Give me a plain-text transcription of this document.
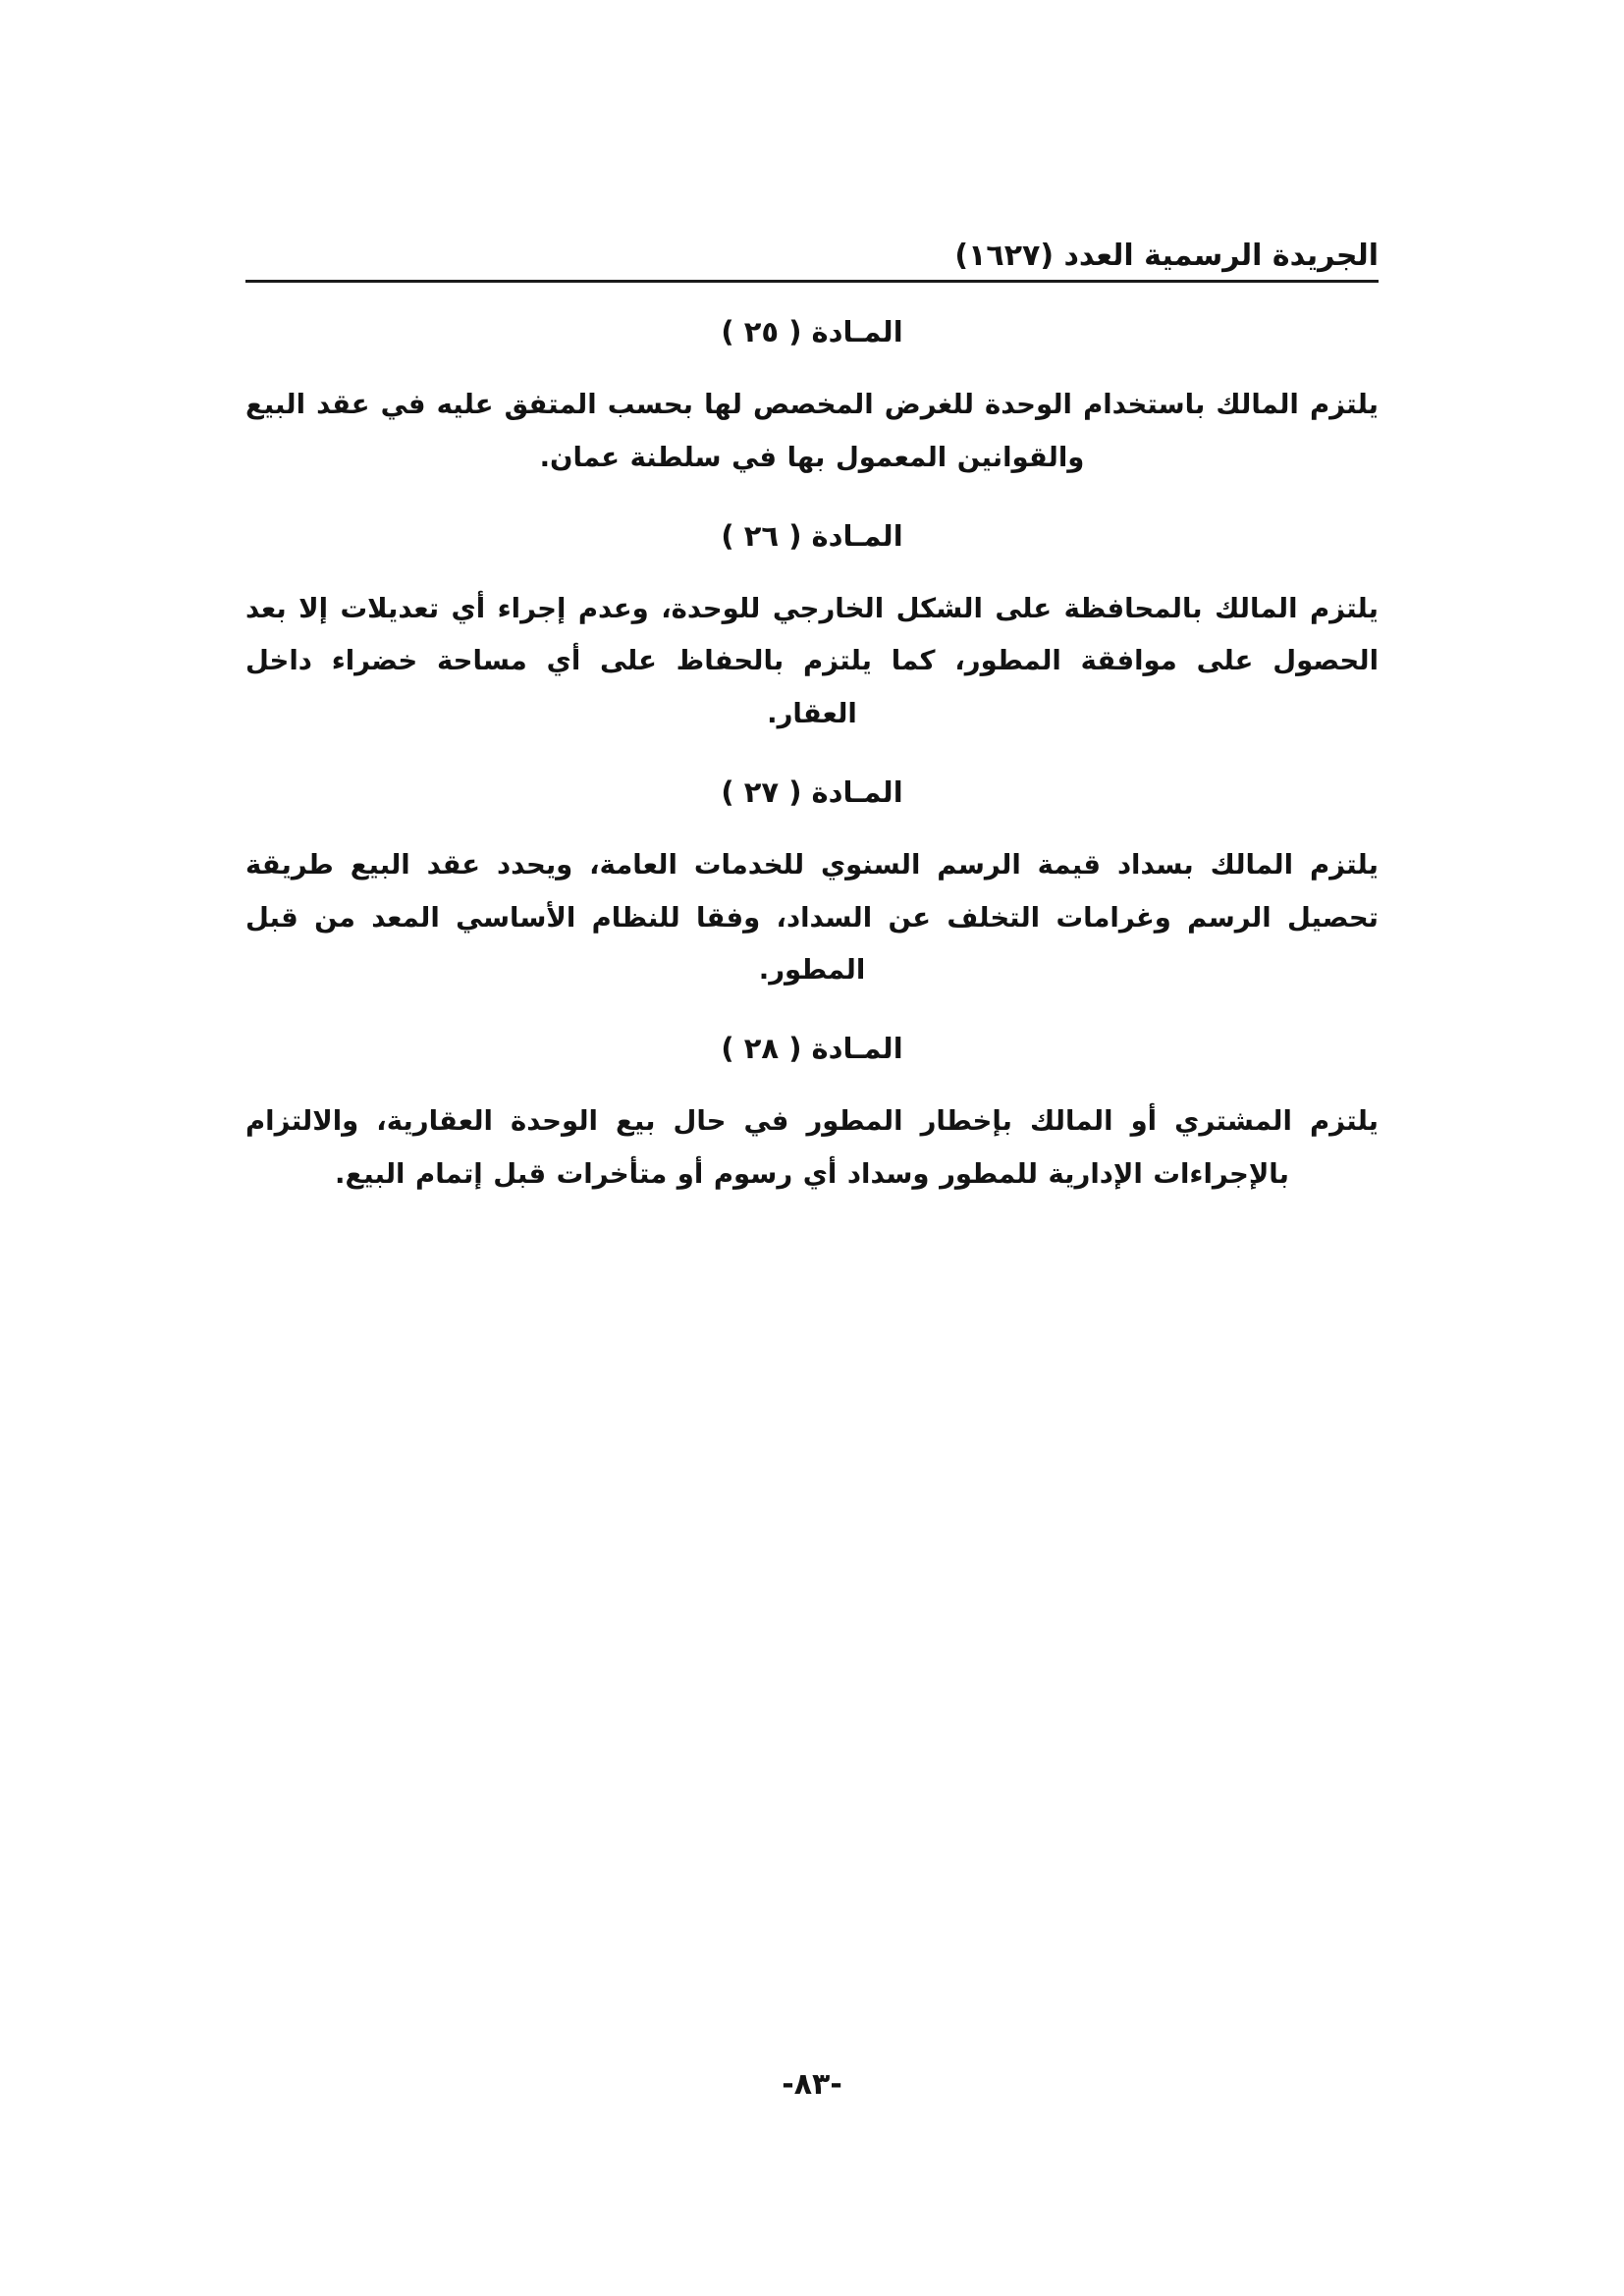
الجريدة الرسمية العدد (١٦٢٧)
المـادة ( ٢٥ )

يلتزم المالك باستخدام الوحدة للغرض المخصص لها بحسب المتفق عليه في عقد البيع والقوانين المعمول بها في سلطنة عمان.

المـادة ( ٢٦ )

يلتزم المالك بالمحافظة على الشكل الخارجي للوحدة، وعدم إجراء أي تعديلات إلا بعد الحصول على موافقة المطور، كما يلتزم بالحفاظ على أي مساحة خضراء داخل العقار.

المـادة ( ٢٧ )

يلتزم المالك بسداد قيمة الرسم السنوي للخدمات العامة، ويحدد عقد البيع طريقة تحصيل الرسم وغرامات التخلف عن السداد، وفقا للنظام الأساسي المعد من قبل المطور.

المـادة ( ٢٨ )

يلتزم المشتري أو المالك بإخطار المطور في حال بيع الوحدة العقارية، والالتزام بالإجراءات الإدارية للمطور وسداد أي رسوم أو متأخرات قبل إتمام البيع.

-٨٣-
